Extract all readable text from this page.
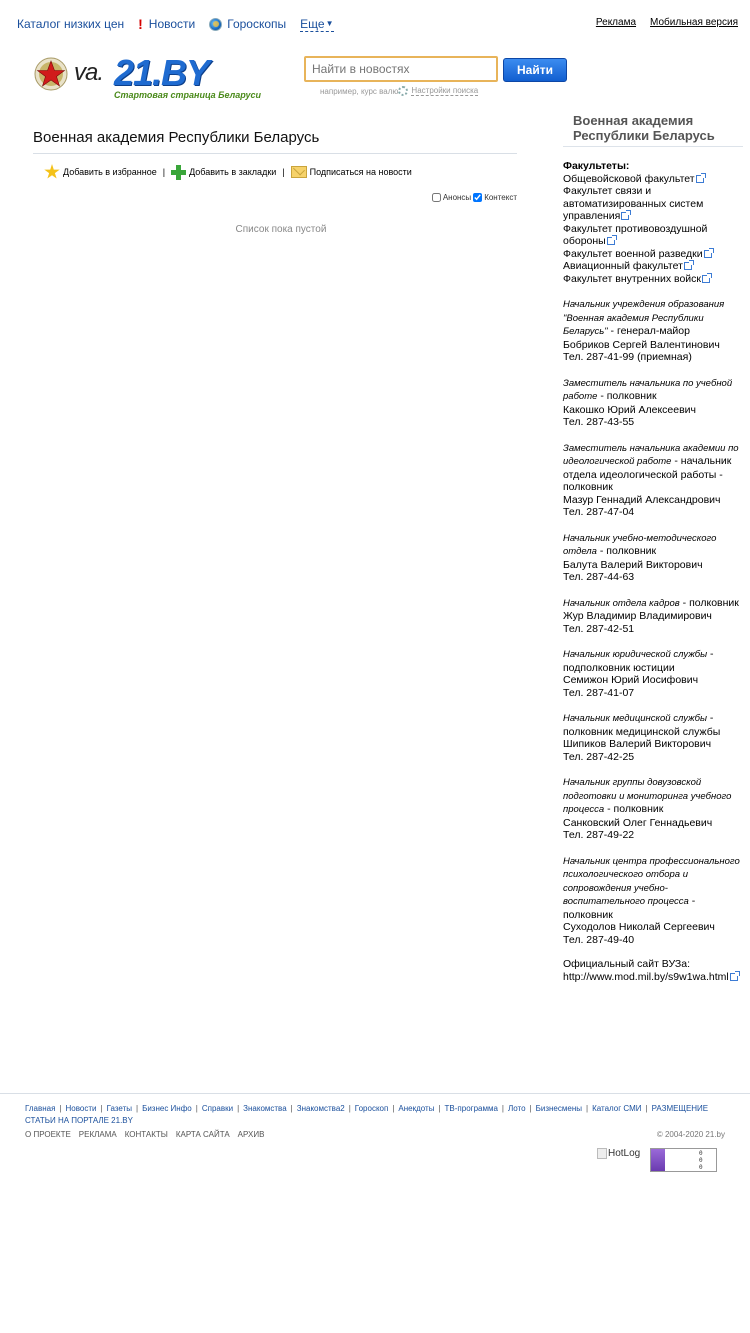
Каталог низких цен ! Новости	Гороскопы Еще ▼	Реклама Мобильная версия
va. 21.BY
Стартовая страница Беларуси
Найти в новостях
Найти
например, курс валю Настройки поиска
Военная академия Республики Беларусь
Добавить в избранное |	Добавить в закладки |	Подписаться на новости
Анонсы Контекст
Список пока пустой
Военная академия Республики Беларусь
Факультеты:
Общевойсковой факультет
Факультет связи и автоматизированных систем управления
Факультет противовоздушной обороны
Факультет военной разведки
Авиационный факультет
Факультет внутренних войск
Начальник учреждения образования "Военная академия Республики Беларусь" - генерал-майор
Бобриков Сергей Валентинович
Тел. 287-41-99 (приемная)
Заместитель начальника по учебной работе - полковник
Какошко Юрий Алексеевич
Тел. 287-43-55
Заместитель начальника академии по идеологической работе - начальник отдела идеологической работы - полковник
Мазур Геннадий Александрович
Тел. 287-47-04
Начальник учебно-методического отдела - полковник
Балута Валерий Викторович
Тел. 287-44-63
Начальник отдела кадров - полковник
Жур Владимир Владимирович
Тел. 287-42-51
Начальник юридической службы - подполковник юстиции
Семижон Юрий Иосифович
Тел. 287-41-07
Начальник медицинской службы - полковник медицинской службы
Шипиков Валерий Викторович
Тел. 287-42-25
Начальник группы довузовской подготовки и мониторинга учебного процесса - полковник
Санковский Олег Геннадьевич
Тел. 287-49-22
Начальник центра профессионального психологического отбора и сопровождения учебно-воспитательного процесса - полковник
Суходолов Николай Сергеевич
Тел. 287-49-40
Официальный сайт ВУЗа:
http://www.mod.mil.by/s9w1wa.html
Главная | Новости | Газеты | Бизнес Инфо | Справки | Знакомства | Знакомства2 | Гороскоп | Анекдоты | ТВ-программа | Лото | Бизнесмены | Каталог СМИ | РАЗМЕЩЕНИЕ СТАТЬИ НА ПОРТАЛЕ 21.BY
О ПРОЕКТЕ РЕКЛАМА КОНТАКТЫ КАРТА САЙТА АРХИВ	© 2004-2020 21.by
HotLog	0
0
0
